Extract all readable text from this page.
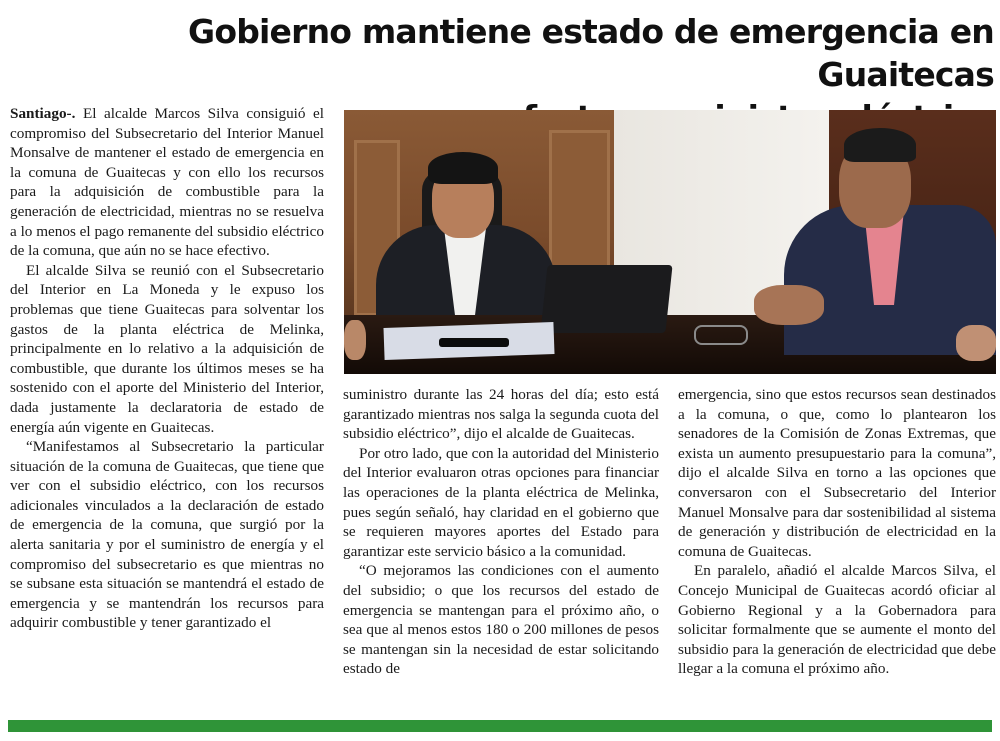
Gobierno mantiene estado de emergencia en Guaitecas

Santiago-. El alcalde Marcos Silva consiguió el compromiso del Subsecretario del Interior Manuel Monsalve de mantener el estado de emergencia en la comuna de Guaitecas y con ello los recursos para la adquisición de combustible para la generación de electricidad, mientras no se resuelva a lo menos el pago remanente del subsidio eléctrico de la comuna, que aún no se hace efectivo.

El alcalde Silva se reunió con el Subsecretario del Interior en La Moneda y le expuso los problemas que tiene Guaitecas para solventar los gastos de la planta eléctrica de Melinka, principalmente en lo relativo a la adquisición de combustible, que durante los últimos meses se ha sostenido con el aporte del Ministerio del Interior, dada justamente la declaratoria de estado de energía aún vigente en Guaitecas.

“Manifestamos al Subsecretario la particular situación de la comuna de Guaitecas, que tiene que ver con el subsidio eléctrico, con los recursos adicionales vinculados a la declaración de estado de emergencia de la comuna, que surgió por la alerta sanitaria y por el suministro de energía y el compromiso del subsecretario es que mientras no se subsane esta situación se mantendrá el estado de emergencia y se mantendrán los recursos para adquirir combustible y tener garantizado el

suministro durante las 24 horas del día; esto está garantizado mientras nos salga la segunda cuota del subsidio eléctrico”, dijo el alcalde de Guaitecas.

Por otro lado, que con la autoridad del Ministerio del Interior evaluaron otras opciones para financiar las operaciones de la planta eléctrica de Melinka, pues según señaló, hay claridad en el gobierno que se requieren mayores aportes del Estado para garantizar este servicio básico a la comunidad.

“O mejoramos las condiciones con el aumento del subsidio; o que los recursos del estado de emergencia se mantengan para el próximo año, o sea que al menos estos 180 o 200 millones de pesos se mantengan sin la necesidad de estar solicitando estado de

emergencia, sino que estos recursos sean destinados a la comuna, o que, como lo plantearon los senadores de la Comisión de Zonas Extremas, que exista un aumento presupuestario para la comuna”, dijo el alcalde Silva en torno a las opciones que conversaron con el Subsecretario del Interior Manuel Monsalve para dar sostenibilidad al sistema de generación y distribución de electricidad en la comuna de Guaitecas.

En paralelo, añadió el alcalde Marcos Silva, el Concejo Municipal de Guaitecas acordó oficiar al Gobierno Regional y a la Gobernadora para solicitar formalmente que se aumente el monto del subsidio para la generación de electricidad que debe llegar a la comuna el próximo año.
